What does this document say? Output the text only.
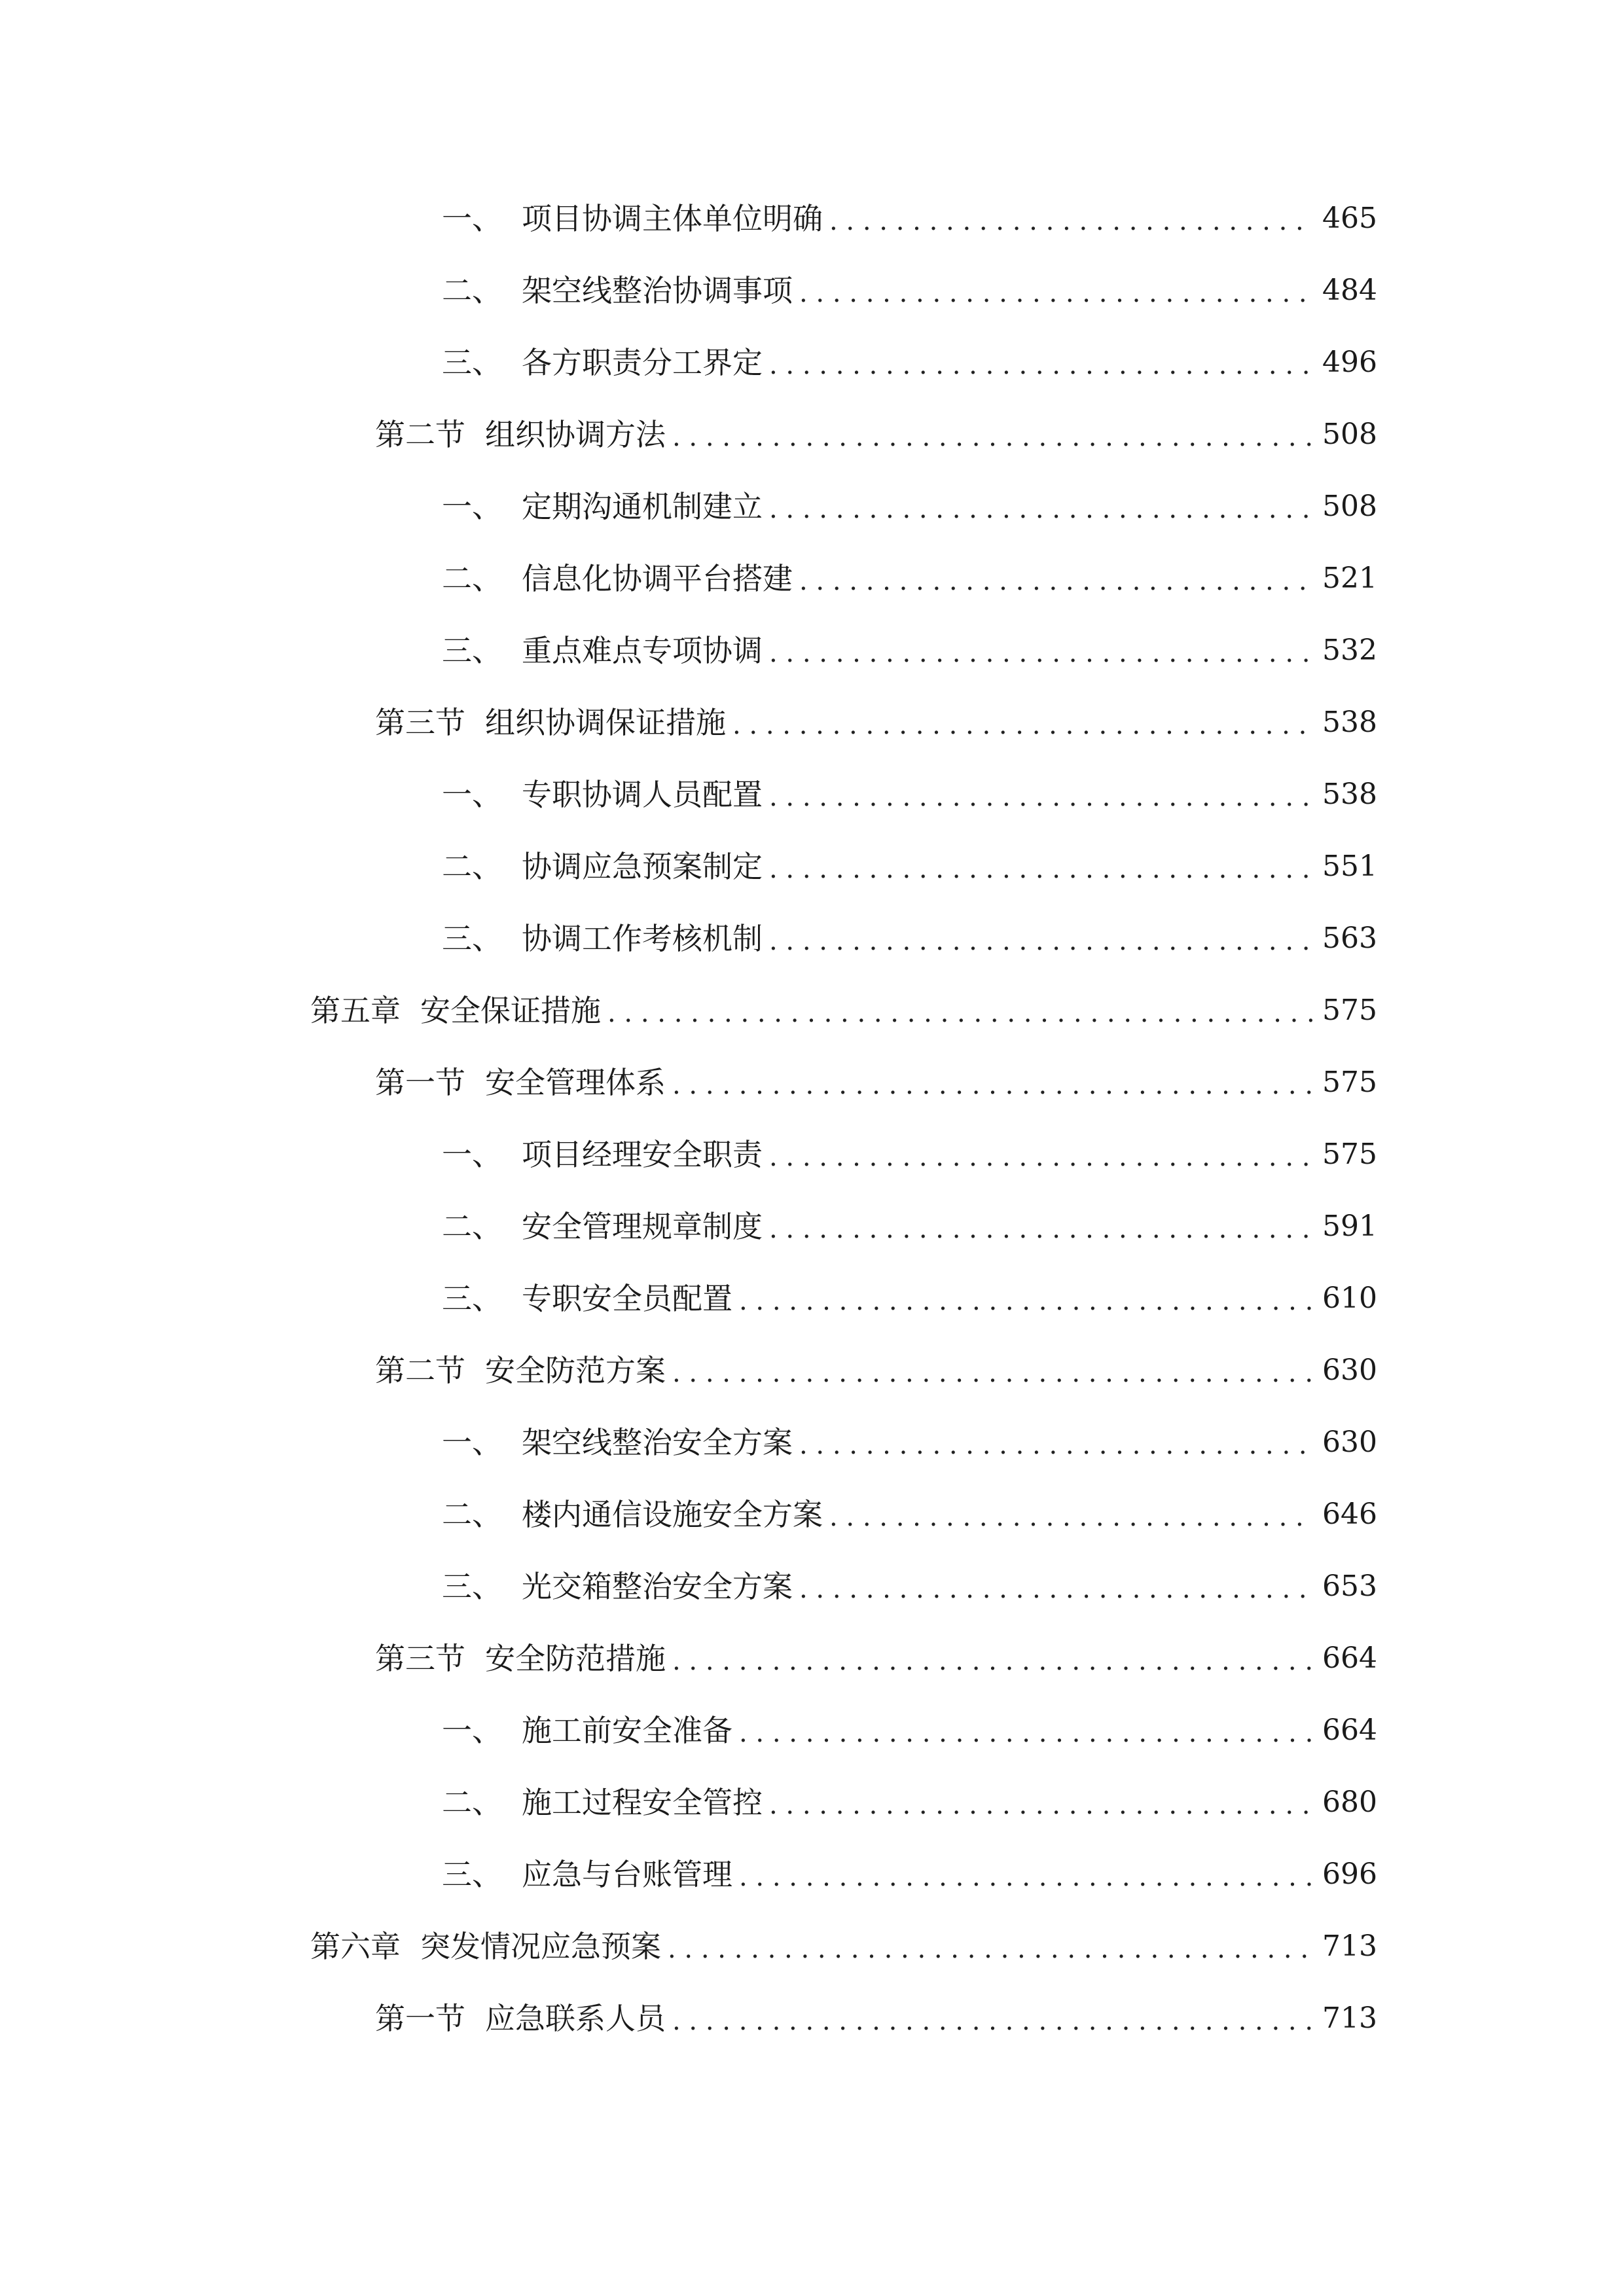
一、 项目协调主体单位明确 . . .	465
二、 架空线整治协调事项 . . .	484
三、 各方职责分工界定 . . .	496
第二节 组织协调方法 . . .	508
一、 定期沟通机制建立 . . .	508
二、 信息化协调平台搭建 . . .	521
三、 重点难点专项协调 . . .	532
第三节 组织协调保证措施 . . .	538
一、 专职协调人员配置 . . .	538
二、 协调应急预案制定 . . .	551
三、 协调工作考核机制 . . .	563
第五章 安全保证措施 . . .	575
第一节 安全管理体系 . . .	575
一、 项目经理安全职责 . . .	575
二、 安全管理规章制度 . . .	591
三、 专职安全员配置 . . .	610
第二节 安全防范方案 . . .	630
一、 架空线整治安全方案 . . .	630
二、 楼内通信设施安全方案 . . .	646
三、 光交箱整治安全方案 . . .	653
第三节 安全防范措施 . . .	664
一、 施工前安全准备 . . .	664
二、 施工过程安全管控 . . .	680
三、 应急与台账管理 . . .	696
第六章 突发情况应急预案 . . .	713
第一节 应急联系人员 . . .	713
